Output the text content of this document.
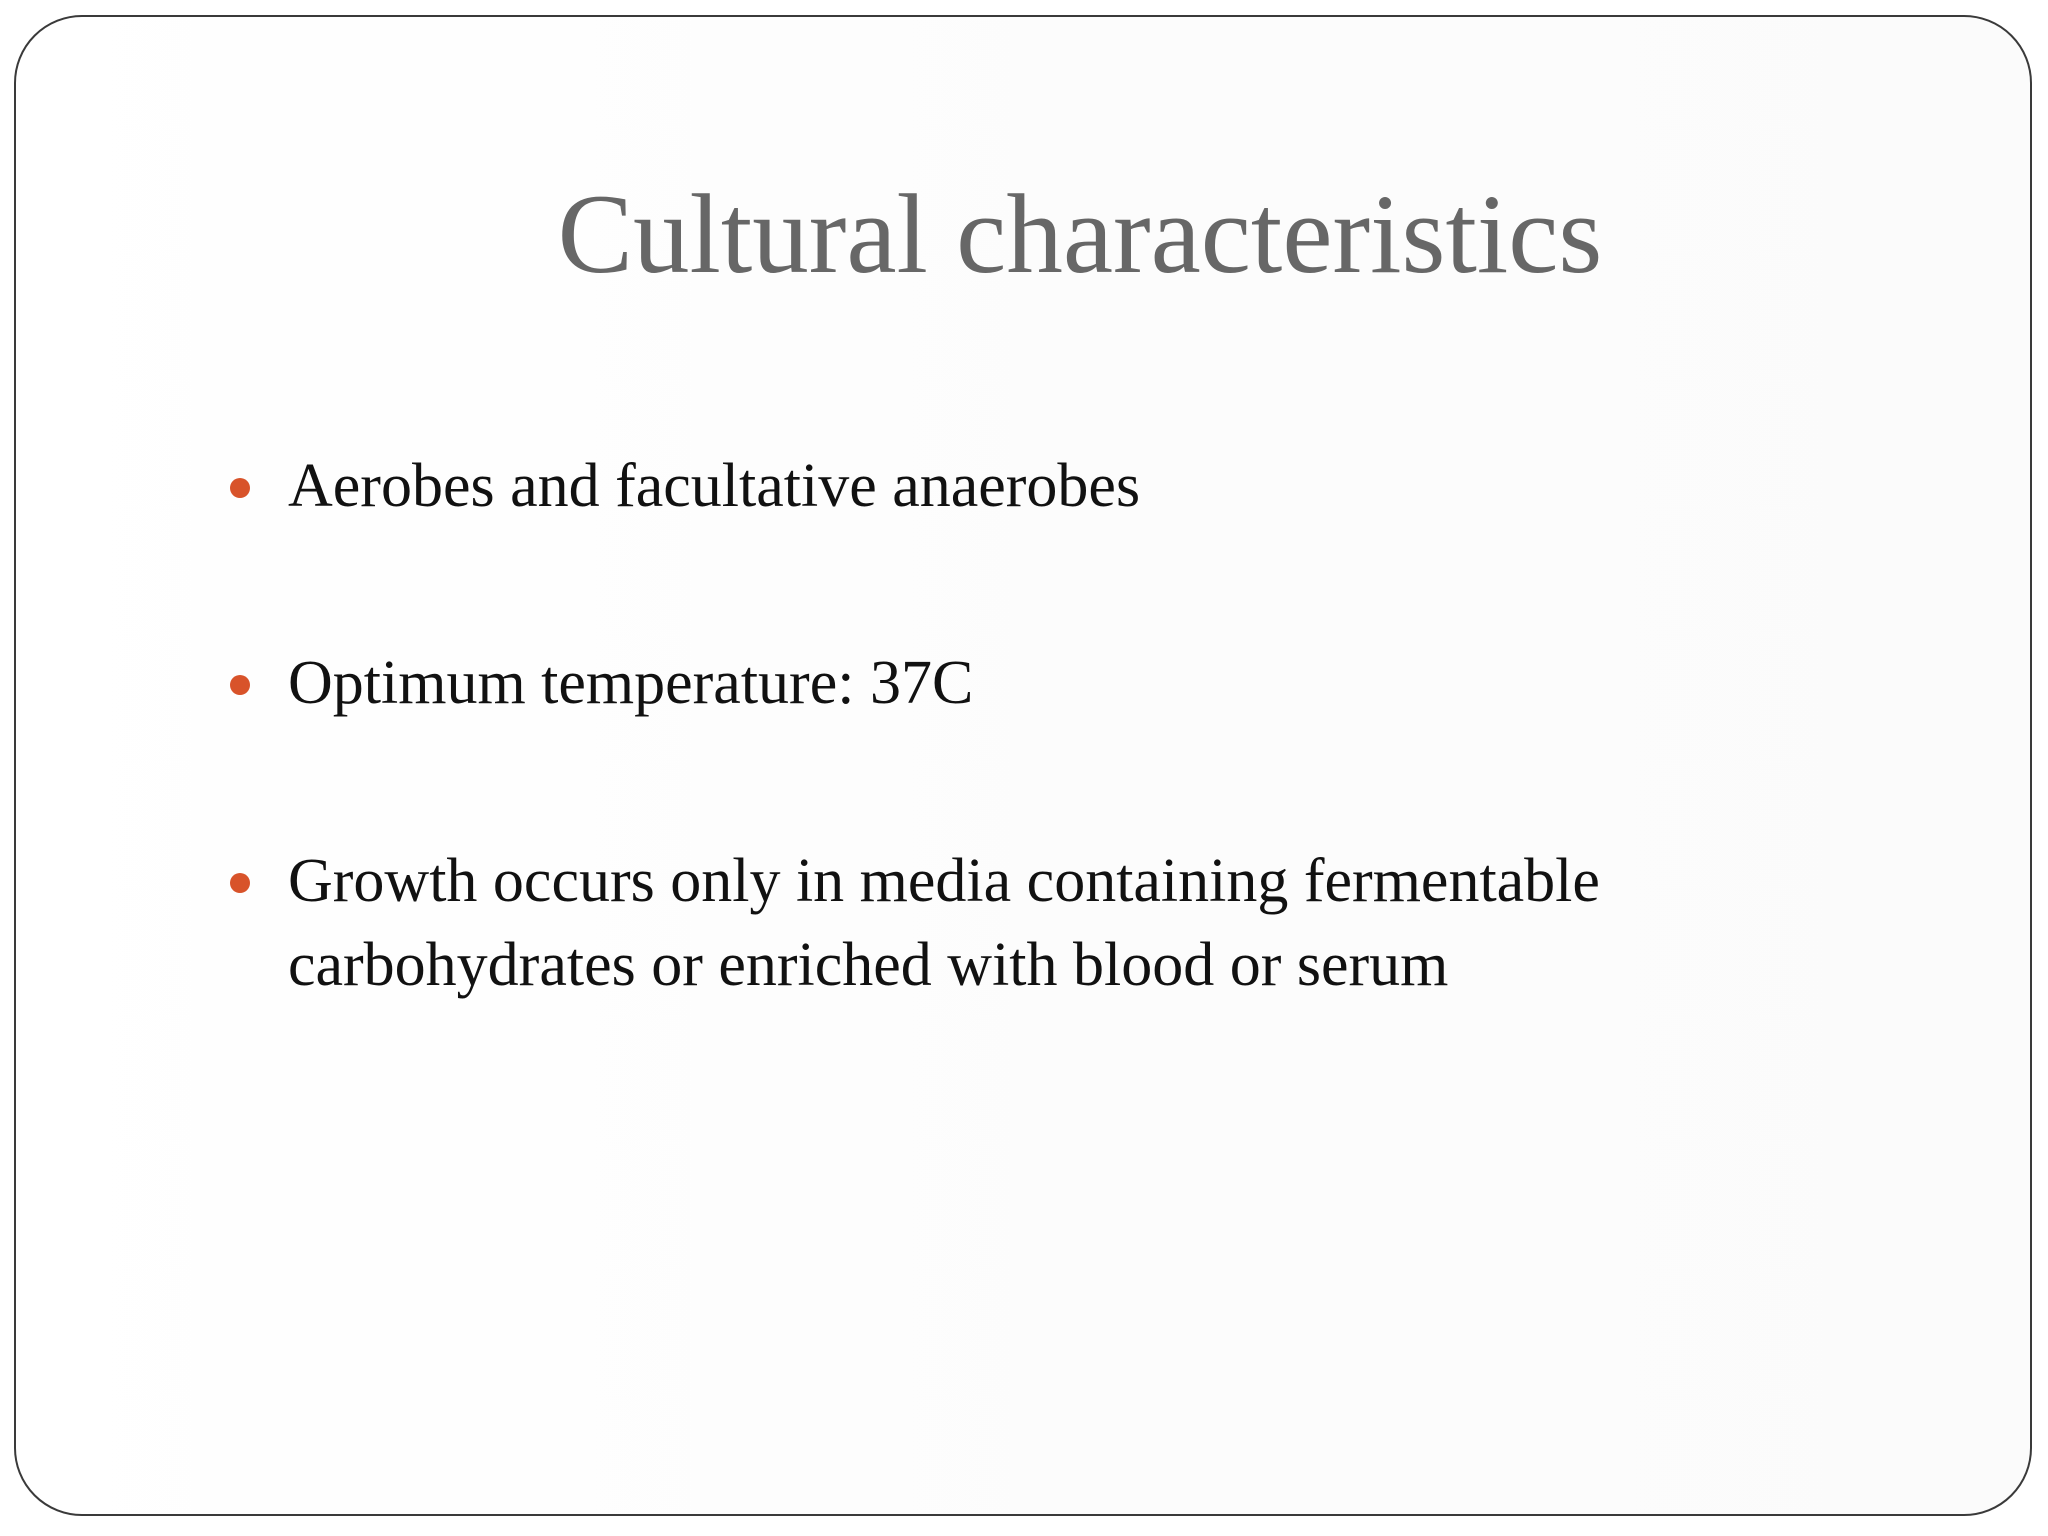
Cultural characteristics
Aerobes and facultative anaerobes
Optimum temperature: 37C
Growth occurs only in media containing fermentable carbohydrates or enriched with blood or serum
